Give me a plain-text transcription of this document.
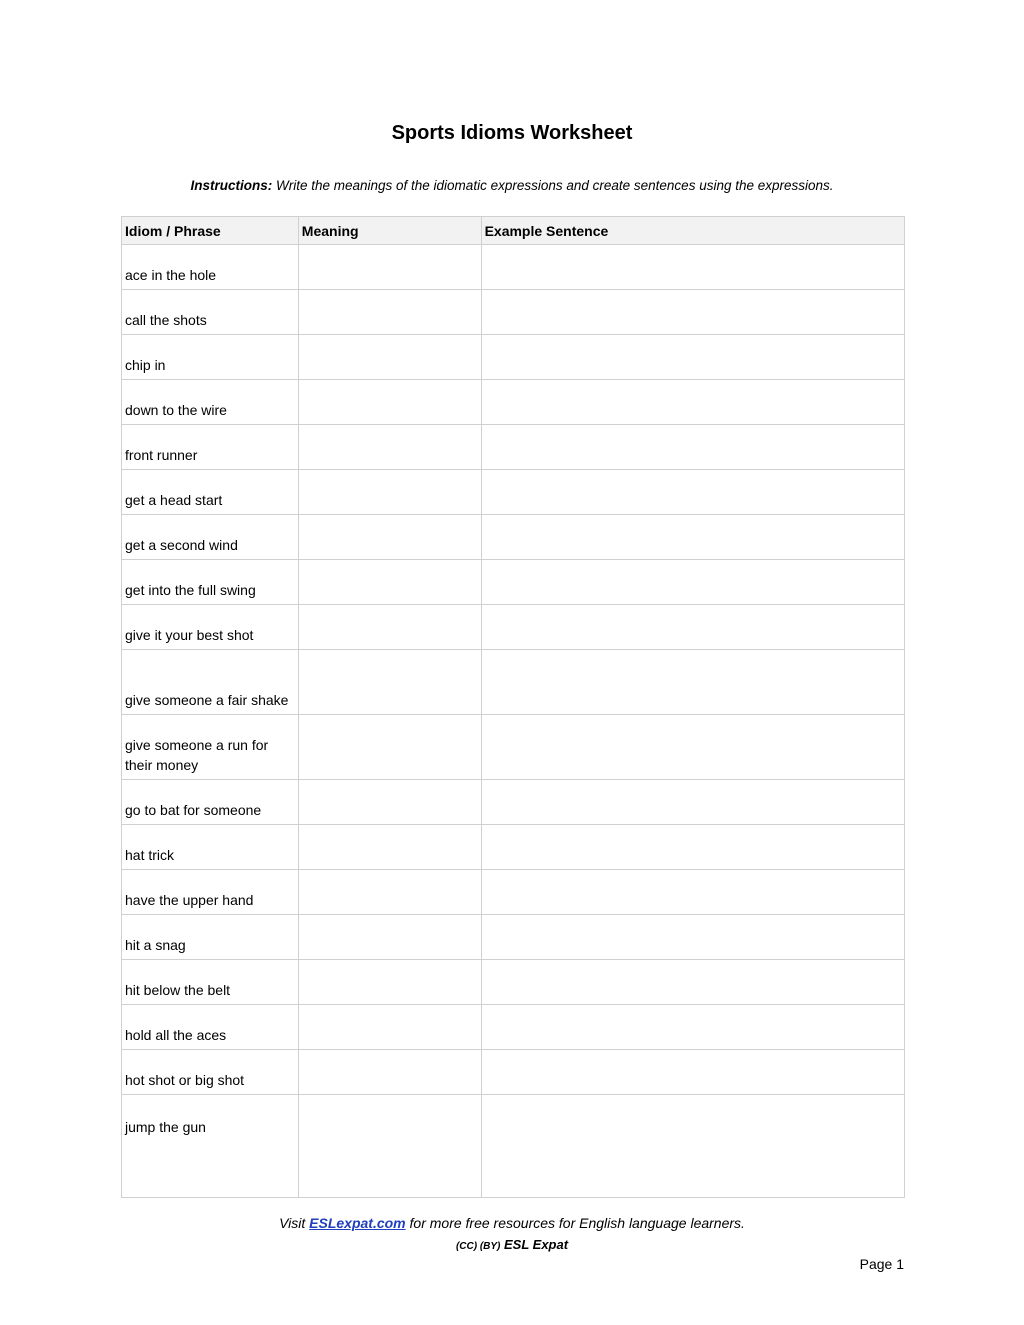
Sports Idioms Worksheet

Instructions: Write the meanings of the idiomatic expressions and create sentences using the expressions.

Idiom / Phrase	Meaning	Example Sentence
ace in the hole		
call the shots		
chip in		
down to the wire		
front runner		
get a head start		
get a second wind		
get into the full swing		
give it your best shot		
give someone a fair shake		
give someone a run for their money		
go to bat for someone		
hat trick		
have the upper hand		
hit a snag		
hit below the belt		
hold all the aces		
hot shot or big shot		
jump the gun		

Visit ESLexpat.com for more free resources for English language learners.

(CC) (BY) ESL Expat

Page 1
